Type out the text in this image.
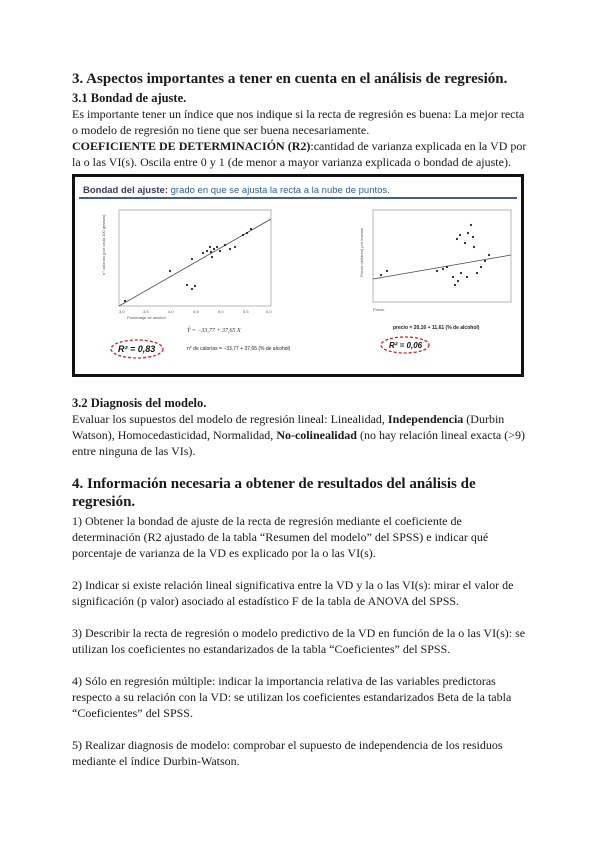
3. Aspectos importantes a tener en cuenta en el análisis de regresión.
3.1 Bondad de ajuste.

Es importante tener un índice que nos indique si la recta de regresión es buena: La mejor recta o modelo de regresión no tiene que ser buena necesariamente.

COEFICIENTE DE DETERMINACIÓN (R2):cantidad de varianza explicada en la VD por la o las VI(s). Oscila entre 0 y 1 (de menor a mayor varianza explicada o bondad de ajuste).

Bondad del ajuste: grado en que se ajusta la recta a la nube de puntos.
n° calorías (por cada 100 gramos)
3,0	3,5	4,0	4,5	5,0	5,5	6,0
Porcentaje de alcohol
Ŷ = −33,77 + 37,65 X
R² = 0,83	n° de calorías = −33,77 + 37,65 (% de alcohol)
Precio (dólares) por envase
Precio
precio = 20,16 + 11,61 (% de alcohol)
R² = 0,06
3.2 Diagnosis del modelo.

Evaluar los supuestos del modelo de regresión lineal: Linealidad, Independencia (Durbin Watson), Homocedasticidad, Normalidad, No-colinealidad (no hay relación lineal exacta (>9) entre ninguna de las VIs).

4. Información necesaria a obtener de resultados del análisis de regresión.

1) Obtener la bondad de ajuste de la recta de regresión mediante el coeficiente de determinación (R2 ajustado de la tabla “Resumen del modelo” del SPSS) e indicar qué porcentaje de varianza de la VD es explicado por la o las VI(s).

2) Indicar si existe relación lineal significativa entre la VD y la o las VI(s): mirar el valor de significación (p valor) asociado al estadístico F de la tabla de ANOVA del SPSS.

3) Describir la recta de regresión o modelo predictivo de la VD en función de la o las VI(s): se utilizan los coeficientes no estandarizados de la tabla “Coeficientes” del SPSS.

4) Sólo en regresión múltiple: indicar la importancia relativa de las variables predictoras respecto a su relación con la VD: se utilizan los coeficientes estandarizados Beta de la tabla “Coeficientes” del SPSS.

5) Realizar diagnosis de modelo: comprobar el supuesto de independencia de los residuos mediante el índice Durbin-Watson.
